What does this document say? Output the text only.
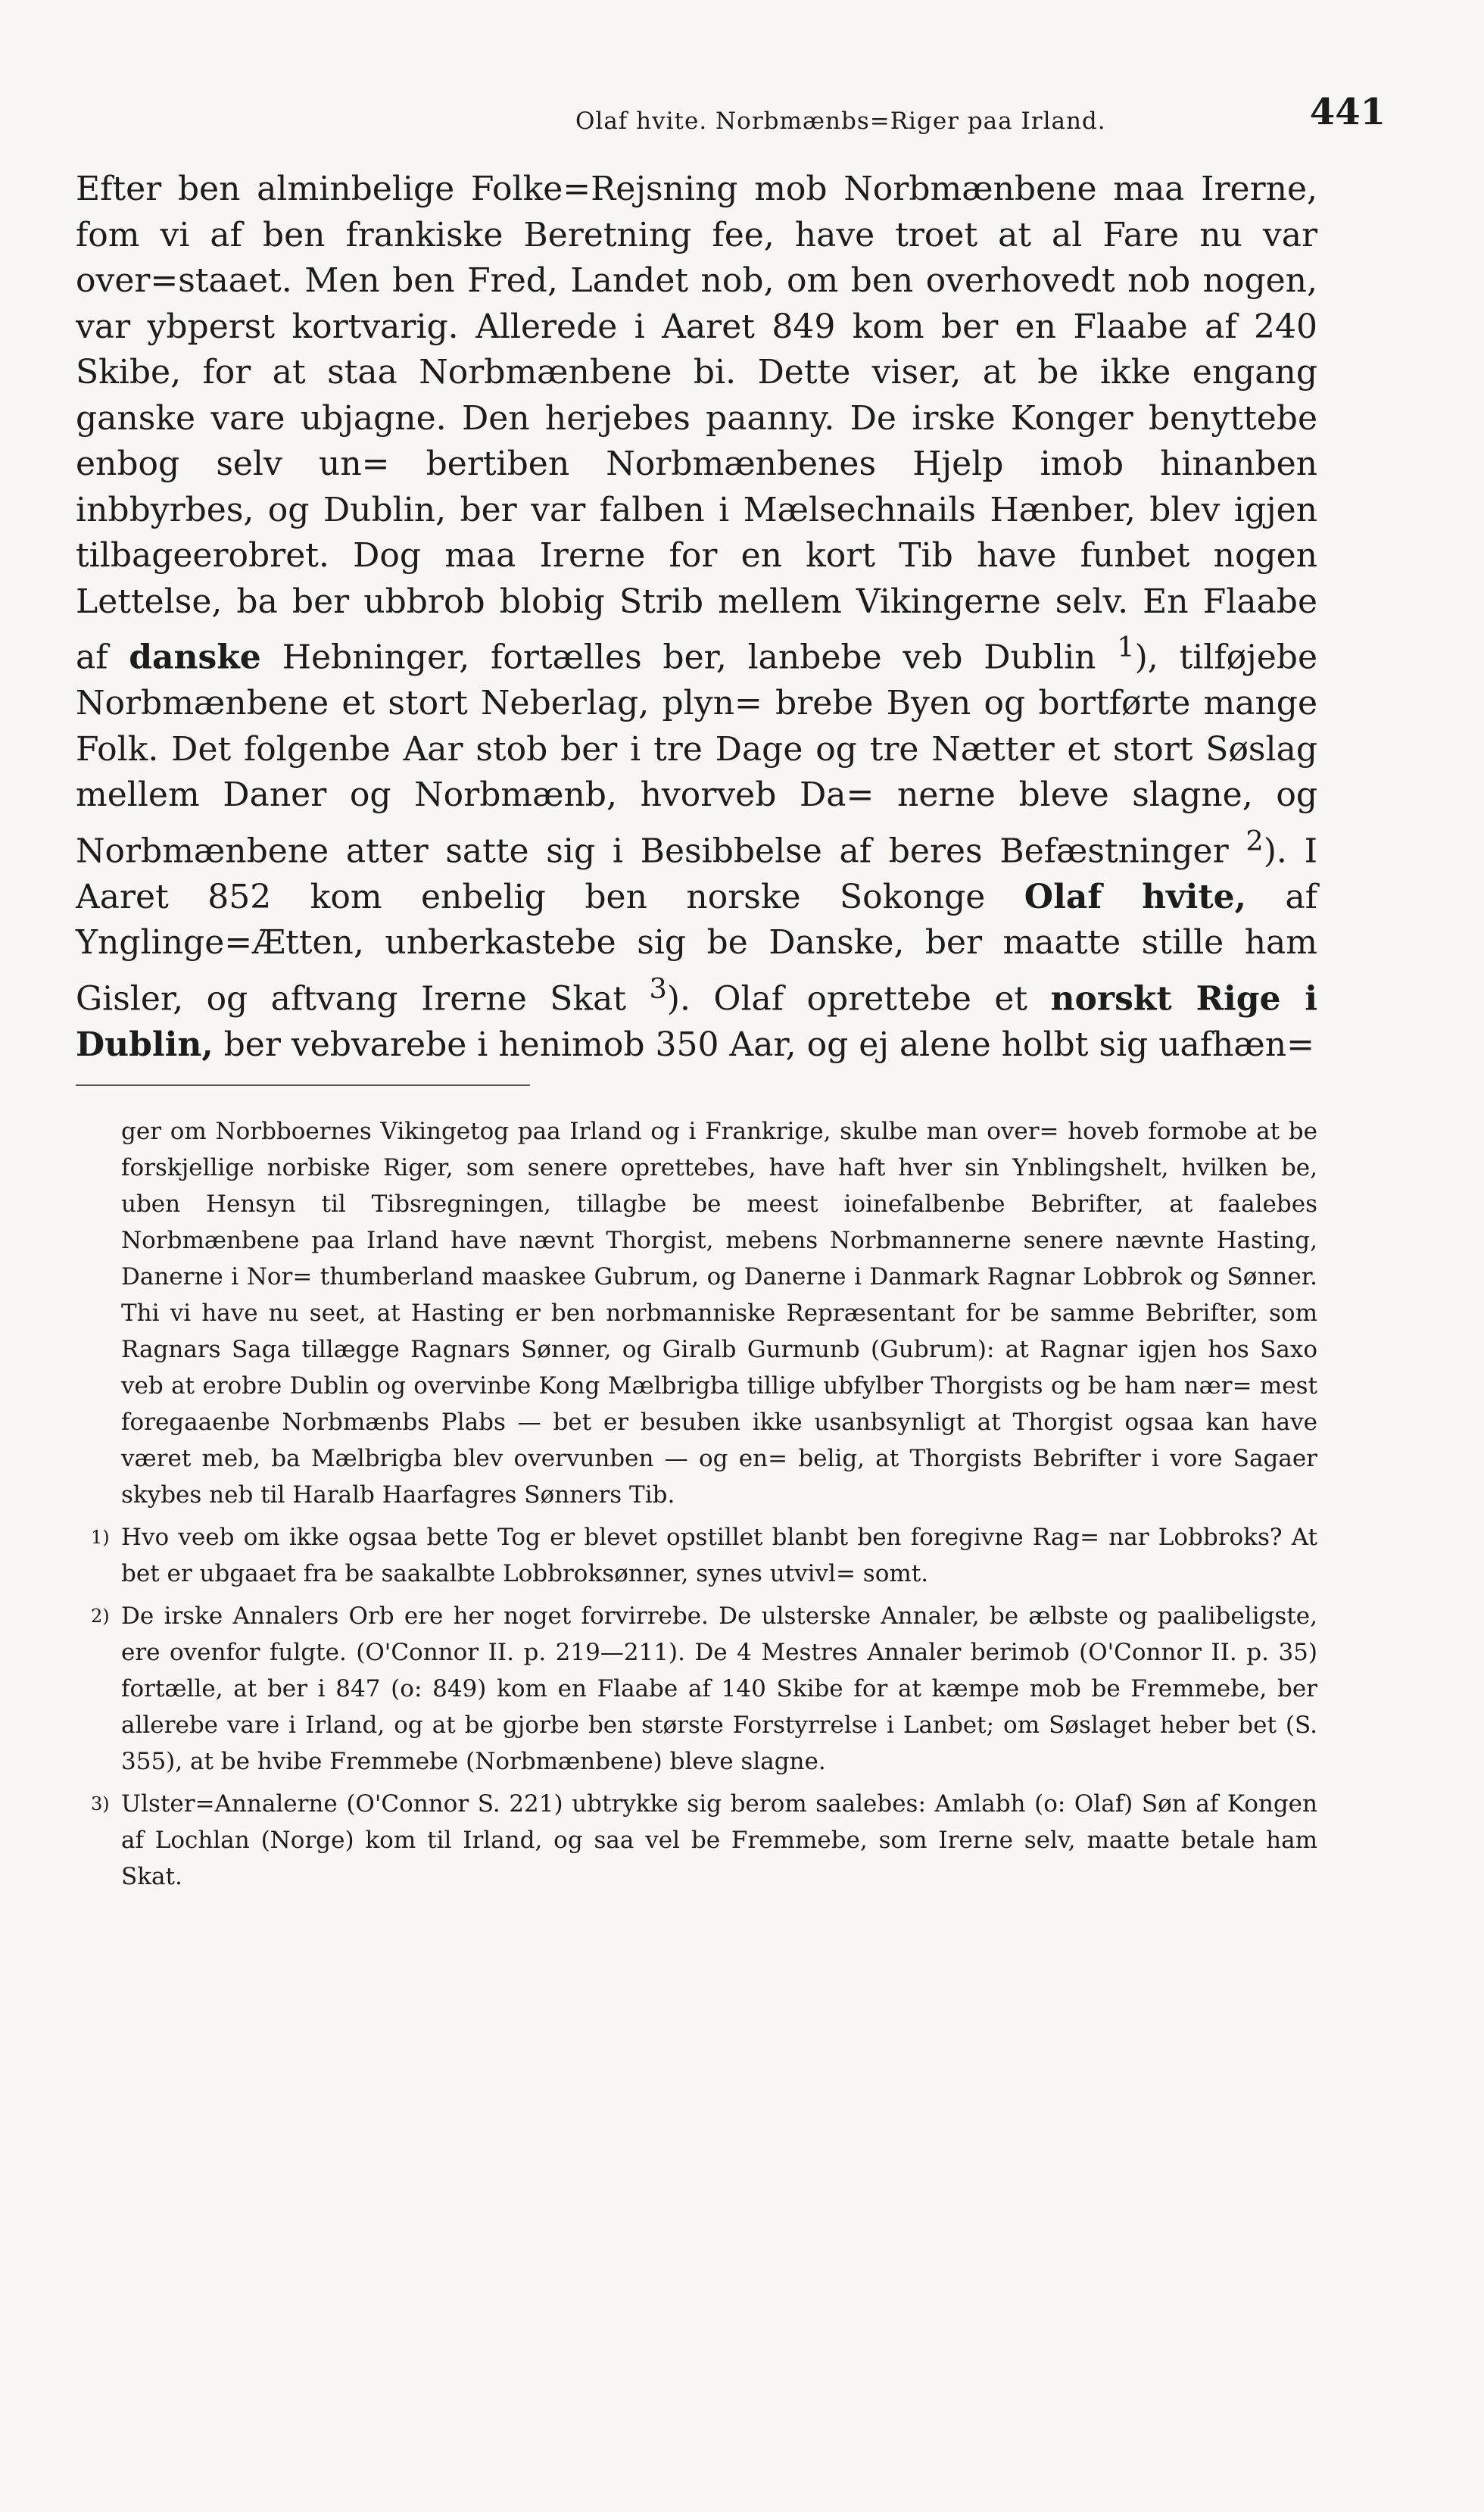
Olaf hvite. Norbmænbs=Riger paa Irland.	441

Efter ben alminbelige Folke=Rejsning mob Norbmænbene maa Irerne, fom vi af ben frankiske Beretning fee, have troet at al Fare nu var over=staaet. Men ben Fred, Landet nob, om ben overhovedt nob nogen, var ybperst kortvarig. Allerede i Aaret 849 kom ber en Flaabe af 240 Skibe, for at staa Norbmænbene bi. Dette viser, at be ikke engang ganske vare ubjagne. Den herjebes paanny. De irske Konger benyttebe enbog selv un= bertiben Norbmænbenes Hjelp imob hinanben inbbyrbes, og Dublin, ber var falben i Mælsechnails Hænber, blev igjen tilbageerobret. Dog maa Irerne for en kort Tib have funbet nogen Lettelse, ba ber ubbrob blobig Strib mellem Vikingerne selv. En Flaabe af danske Hebninger, fortælles ber, lanbebe veb Dublin $^1$), tilføjebe Norbmænbene et stort Neberlag, plyn= brebe Byen og bortførte mange Folk. Det folgenbe Aar stob ber i tre Dage og tre Nætter et stort Søslag mellem Daner og Norbmænb, hvorveb Da= nerne bleve slagne, og Norbmænbene atter satte sig i Besibbelse af beres Befæstninger $^2$). I Aaret 852 kom enbelig ben norske Sokonge Olaf hvite, af Ynglinge=Ætten, unberkastebe sig be Danske, ber maatte stille ham Gisler, og aftvang Irerne Skat $^3$). Olaf oprettebe et norskt Rige i Dublin, ber vebvarebe i henimob 350 Aar, og ej alene holbt sig uafhæn=

ger om Norbboernes Vikingetog paa Irland og i Frankrige, skulbe man over= hoveb formobe at be forskjellige norbiske Riger, som senere oprettebes, have haft hver sin Ynblingshelt, hvilken be, uben Hensyn til Tibsregningen, tillagbe be meest ioinefalbenbe Bebrifter, at faalebes Norbmænbene paa Irland have nævnt Thorgist, mebens Norbmannerne senere nævnte Hasting, Danerne i Nor= thumberland maaskee Gubrum, og Danerne i Danmark Ragnar Lobbrok og Sønner. Thi vi have nu seet, at Hasting er ben norbmanniske Repræsentant for be samme Bebrifter, som Ragnars Saga tillægge Ragnars Sønner, og Giralb Gurmunb (Gubrum): at Ragnar igjen hos Saxo veb at erobre Dublin og overvinbe Kong Mælbrigba tillige ubfylber Thorgists og be ham nær= mest foregaaenbe Norbmænbs Plabs — bet er besuben ikke usanbsynligt at Thorgist ogsaa kan have været meb, ba Mælbrigba blev overvunben — og en= belig, at Thorgists Bebrifter i vore Sagaer skybes neb til Haralb Haarfagres Sønners Tib.

1) Hvo veeb om ikke ogsaa bette Tog er blevet opstillet blanbt ben foregivne Rag= nar Lobbroks? At bet er ubgaaet fra be saakalbte Lobbroksønner, synes utvivl= somt.

2) De irske Annalers Orb ere her noget forvirrebe. De ulsterske Annaler, be ælbste og paalibeligste, ere ovenfor fulgte. (O'Connor II. p. 219—211). De 4 Mestres Annaler berimob (O'Connor II. p. 35) fortælle, at ber i 847 (o: 849) kom en Flaabe af 140 Skibe for at kæmpe mob be Fremmebe, ber allerebe vare i Irland, og at be gjorbe ben største Forstyrrelse i Lanbet; om Søslaget heber bet (S. 355), at be hvibe Fremmebe (Norbmænbene) bleve slagne.

3) Ulster=Annalerne (O'Connor S. 221) ubtrykke sig berom saalebes: Amlabh (o: Olaf) Søn af Kongen af Lochlan (Norge) kom til Irland, og saa vel be Fremmebe, som Irerne selv, maatte betale ham Skat.
